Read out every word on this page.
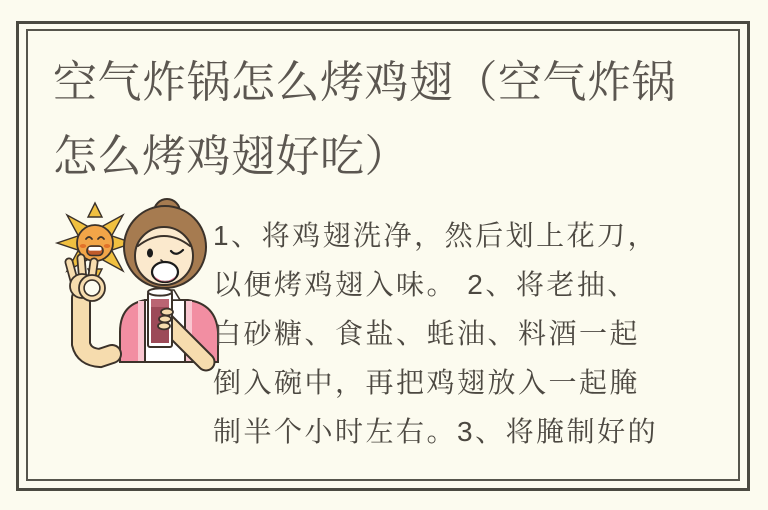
空气炸锅怎么烤鸡翅（空气炸锅
怎么烤鸡翅好吃）
1、将鸡翅洗净，然后划上花刀，
以便烤鸡翅入味。 2、将老抽、
白砂糖、食盐、蚝油、料酒一起
倒入碗中，再把鸡翅放入一起腌
制半个小时左右。3、将腌制好的
